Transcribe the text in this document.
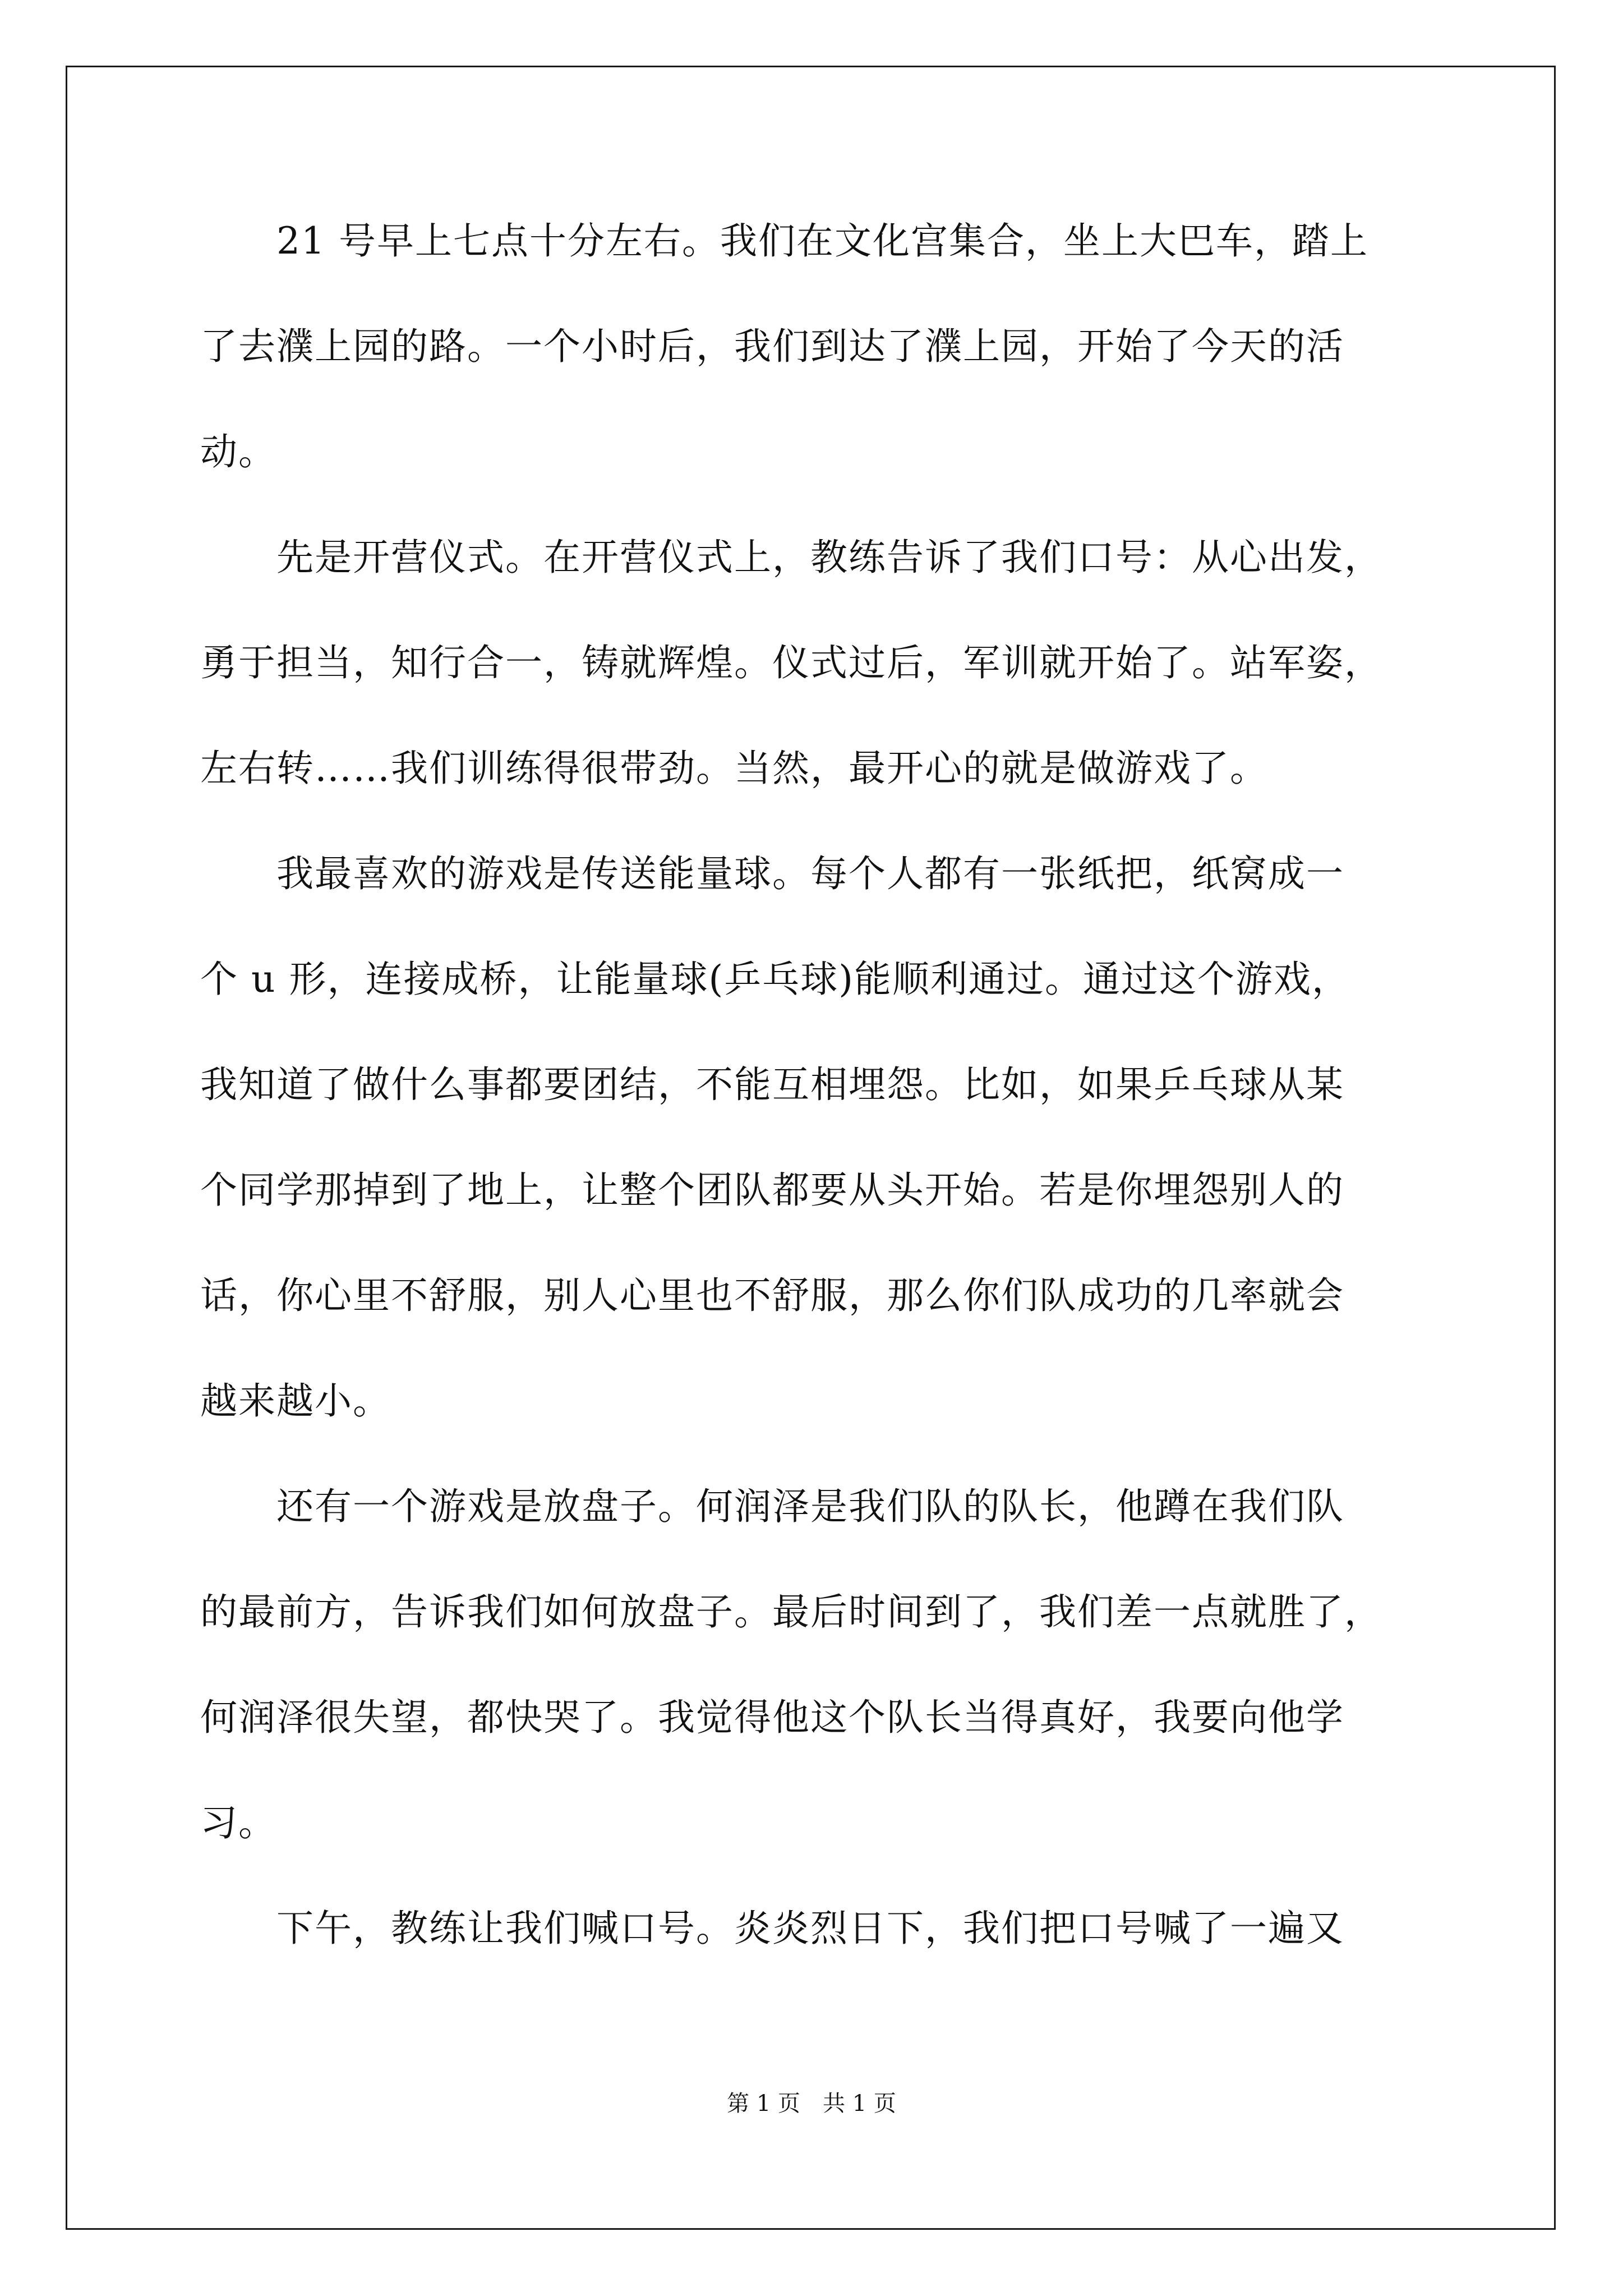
　　21 号早上七点十分左右。我们在文化宫集合，坐上大巴车，踏上
了去濮上园的路。一个小时后，我们到达了濮上园，开始了今天的活
动。
　　先是开营仪式。在开营仪式上，教练告诉了我们口号：从心出发，
勇于担当，知行合一，铸就辉煌。仪式过后，军训就开始了。站军姿，
左右转……我们训练得很带劲。当然，最开心的就是做游戏了。
　　我最喜欢的游戏是传送能量球。每个人都有一张纸把，纸窝成一
个 u 形，连接成桥，让能量球(乒乓球)能顺利通过。通过这个游戏，
我知道了做什么事都要团结，不能互相埋怨。比如，如果乒乓球从某
个同学那掉到了地上，让整个团队都要从头开始。若是你埋怨别人的
话，你心里不舒服，别人心里也不舒服，那么你们队成功的几率就会
越来越小。
　　还有一个游戏是放盘子。何润泽是我们队的队长，他蹲在我们队
的最前方，告诉我们如何放盘子。最后时间到了，我们差一点就胜了，
何润泽很失望，都快哭了。我觉得他这个队长当得真好，我要向他学
习。
　　下午，教练让我们喊口号。炎炎烈日下，我们把口号喊了一遍又
第 1 页　共 1 页
